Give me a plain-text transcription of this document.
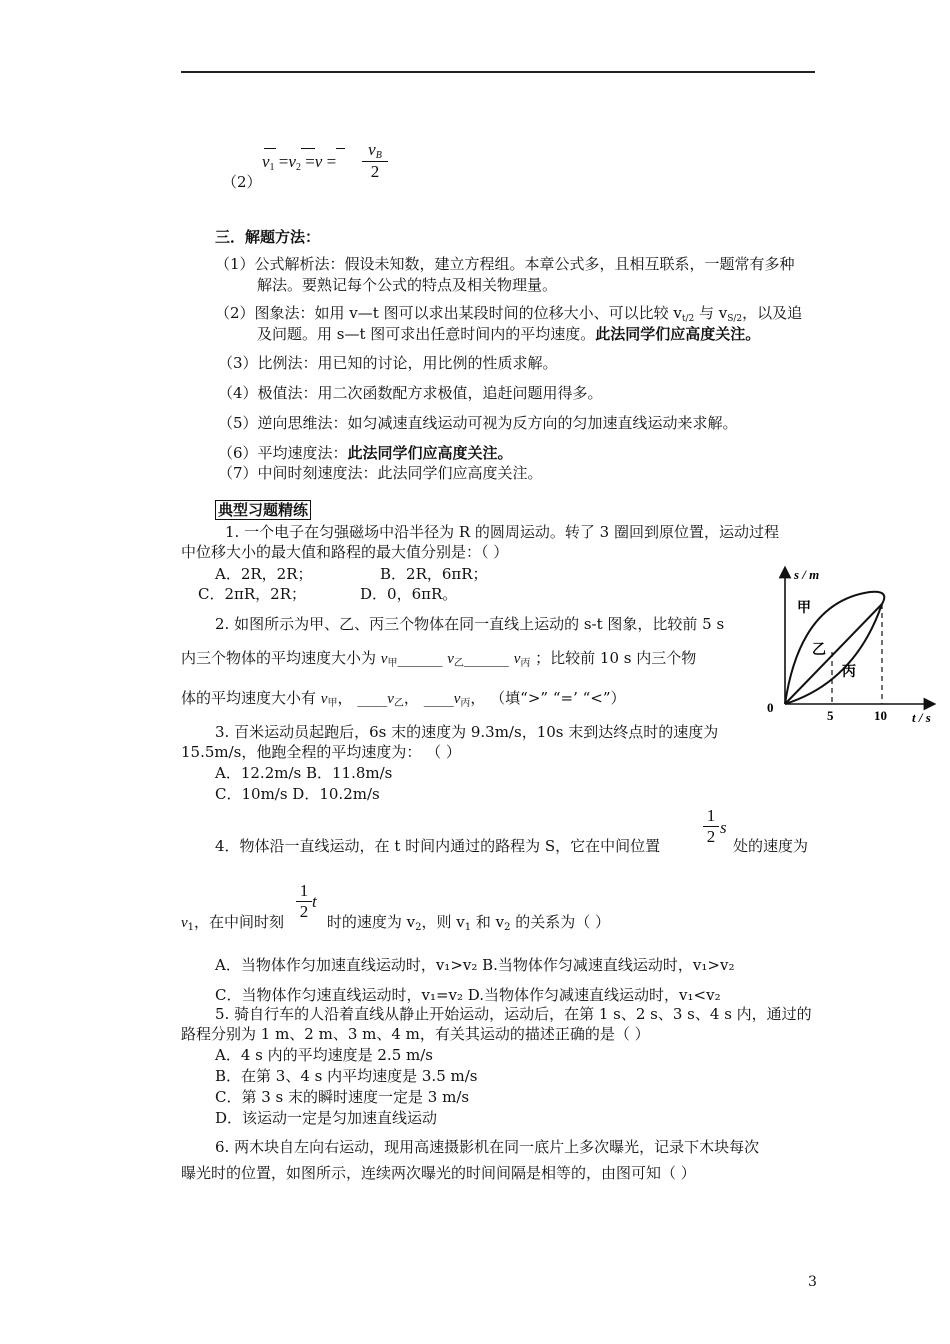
（2）
$v_1 =v_2 =v = \frac{v_B}{2}$
三．解题方法：
（1）公式解析法：假设未知数，建立方程组。本章公式多，且相互联系，一题常有多种
解法。要熟记每个公式的特点及相关物理量。
（2）图象法：如用 v—t 图可以求出某段时间的位移大小、可以比较 $v_{t/2}$ 与 $v_{S/2}$，以及追
及问题。用 s—t 图可求出任意时间内的平均速度。此法同学们应高度关注。
（3）比例法：用已知的讨论，用比例的性质求解。
（4）极值法：用二次函数配方求极值，追赶问题用得多。
（5）逆向思维法：如匀减速直线运动可视为反方向的匀加速直线运动来求解。
（6）平均速度法：此法同学们应高度关注。
（7）中间时刻速度法：此法同学们应高度关注。
典型习题精练
1. 一个电子在匀强磁场中沿半径为 R 的圆周运动。转了 3 圈回到原位置，运动过程
中位移大小的最大值和路程的最大值分别是：（ ）
A．2R，2R；	B．2R，6πR；
C．2πR，2R；	D．0，6πR。
2. 如图所示为甲、乙、丙三个物体在同一直线上运动的 s-t 图象，比较前 5 s
内三个物体的平均速度大小为 $v_甲\_\_\_\_\_\_$ $v_乙\_\_\_\_\_\_$ $v_丙$ ；比较前 10 s 内三个物
体的平均速度大小有 $v_甲$， $\_\_\_\_v_乙$， $\_\_\_\_v_丙$， （填“>” “=’ “<”）
3. 百米运动员起跑后，6s 末的速度为 9.3m/s，10s 末到达终点时的速度为
15.5m/s，他跑全程的平均速度为： （ ）
A．12.2m/s B．11.8m/s
C．10m/s D．10.2m/s
4．物体沿一直线运动，在 t 时间内通过的路程为 S，它在中间位置	$\frac{1}{2}$ s
处的速度为
$\frac{1}{2}$ t
$v_1$，在中间时刻	时的速度为 $v_2$，则 $v_1$ 和 $v_2$ 的关系为（ ）
A．当物体作匀加速直线运动时，v₁>v₂ B.当物体作匀减速直线运动时，v₁>v₂
C．当物体作匀速直线运动时，v₁=v₂ D.当物体作匀减速直线运动时，v₁<v₂
5. 骑自行车的人沿着直线从静止开始运动，运动后，在第 1 s、2 s、3 s、4 s 内，通过的
路程分别为 1 m、2 m、3 m、4 m，有关其运动的描述正确的是（ ）
A．4 s 内的平均速度是 2.5 m/s
B．在第 3、4 s 内平均速度是 3.5 m/s
C．第 3 s 末的瞬时速度一定是 3 m/s
D．该运动一定是匀加速直线运动
6. 两木块自左向右运动，现用高速摄影机在同一底片上多次曝光，记录下木块每次
曝光时的位置，如图所示，连续两次曝光的时间间隔是相等的，由图可知（ ）
s / m
t / s
0
5	10
甲
乙
丙
3
